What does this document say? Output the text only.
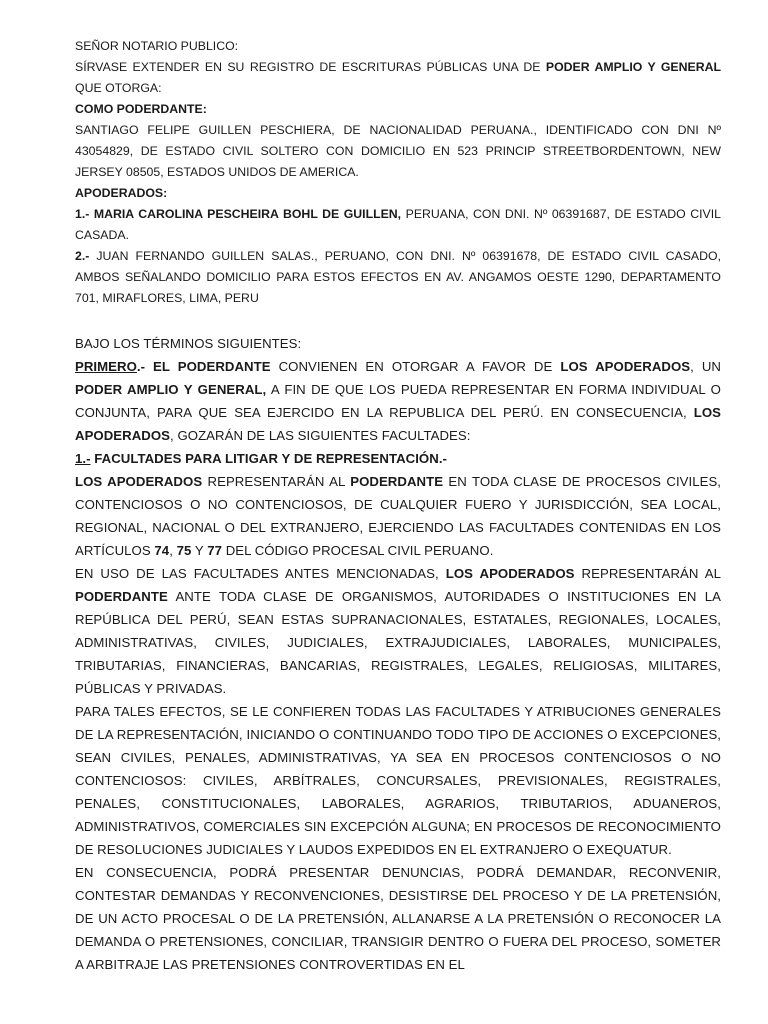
SEÑOR NOTARIO PUBLICO:

SÍRVASE EXTENDER EN SU REGISTRO DE ESCRITURAS PÚBLICAS UNA DE PODER AMPLIO Y GENERAL QUE OTORGA:

COMO PODERDANTE:

SANTIAGO FELIPE GUILLEN PESCHIERA, DE NACIONALIDAD PERUANA., IDENTIFICADO CON DNI Nº 43054829, DE ESTADO CIVIL SOLTERO CON DOMICILIO EN 523 PRINCIP STREETBORDENTOWN, NEW JERSEY 08505, ESTADOS UNIDOS DE AMERICA.

APODERADOS:

1.- MARIA CAROLINA PESCHEIRA BOHL DE GUILLEN, PERUANA, CON DNI. Nº 06391687, DE ESTADO CIVIL CASADA.

2.- JUAN FERNANDO GUILLEN SALAS., PERUANO, CON DNI. Nº 06391678, DE ESTADO CIVIL CASADO, AMBOS SEÑALANDO DOMICILIO PARA ESTOS EFECTOS EN AV. ANGAMOS OESTE 1290, DEPARTAMENTO 701, MIRAFLORES, LIMA, PERU

BAJO LOS TÉRMINOS SIGUIENTES:

PRIMERO.- EL PODERDANTE CONVIENEN EN OTORGAR A FAVOR DE LOS APODERADOS, UN PODER AMPLIO Y GENERAL, A FIN DE QUE LOS PUEDA REPRESENTAR EN FORMA INDIVIDUAL O CONJUNTA, PARA QUE SEA EJERCIDO EN LA REPUBLICA DEL PERÚ. EN CONSECUENCIA, LOS APODERADOS, GOZARÁN DE LAS SIGUIENTES FACULTADES:

1.- FACULTADES PARA LITIGAR Y DE REPRESENTACIÓN.-

LOS APODERADOS REPRESENTARÁN AL PODERDANTE EN TODA CLASE DE PROCESOS CIVILES, CONTENCIOSOS O NO CONTENCIOSOS, DE CUALQUIER FUERO Y JURISDICCIÓN, SEA LOCAL, REGIONAL, NACIONAL O DEL EXTRANJERO, EJERCIENDO LAS FACULTADES CONTENIDAS EN LOS ARTÍCULOS 74, 75 Y 77 DEL CÓDIGO PROCESAL CIVIL PERUANO.

EN USO DE LAS FACULTADES ANTES MENCIONADAS, LOS APODERADOS REPRESENTARÁN AL PODERDANTE ANTE TODA CLASE DE ORGANISMOS, AUTORIDADES O INSTITUCIONES EN LA REPÚBLICA DEL PERÚ, SEAN ESTAS SUPRANACIONALES, ESTATALES, REGIONALES, LOCALES, ADMINISTRATIVAS, CIVILES, JUDICIALES, EXTRAJUDICIALES, LABORALES, MUNICIPALES, TRIBUTARIAS, FINANCIERAS, BANCARIAS, REGISTRALES, LEGALES, RELIGIOSAS, MILITARES, PÚBLICAS Y PRIVADAS.

PARA TALES EFECTOS, SE LE CONFIEREN TODAS LAS FACULTADES Y ATRIBUCIONES GENERALES DE LA REPRESENTACIÓN, INICIANDO O CONTINUANDO TODO TIPO DE ACCIONES O EXCEPCIONES, SEAN CIVILES, PENALES, ADMINISTRATIVAS, YA SEA EN PROCESOS CONTENCIOSOS O NO CONTENCIOSOS: CIVILES, ARBÍTRALES, CONCURSALES, PREVISIONALES, REGISTRALES, PENALES, CONSTITUCIONALES, LABORALES, AGRARIOS, TRIBUTARIOS, ADUANEROS, ADMINISTRATIVOS, COMERCIALES SIN EXCEPCIÓN ALGUNA; EN PROCESOS DE RECONOCIMIENTO DE RESOLUCIONES JUDICIALES Y LAUDOS EXPEDIDOS EN EL EXTRANJERO O EXEQUATUR.

EN CONSECUENCIA, PODRÁ PRESENTAR DENUNCIAS, PODRÁ DEMANDAR, RECONVENIR, CONTESTAR DEMANDAS Y RECONVENCIONES, DESISTIRSE DEL PROCESO Y DE LA PRETENSIÓN, DE UN ACTO PROCESAL O DE LA PRETENSIÓN, ALLANARSE A LA PRETENSIÓN O RECONOCER LA DEMANDA O PRETENSIONES, CONCILIAR, TRANSIGIR DENTRO O FUERA DEL PROCESO, SOMETER A ARBITRAJE LAS PRETENSIONES CONTROVERTIDAS EN EL
